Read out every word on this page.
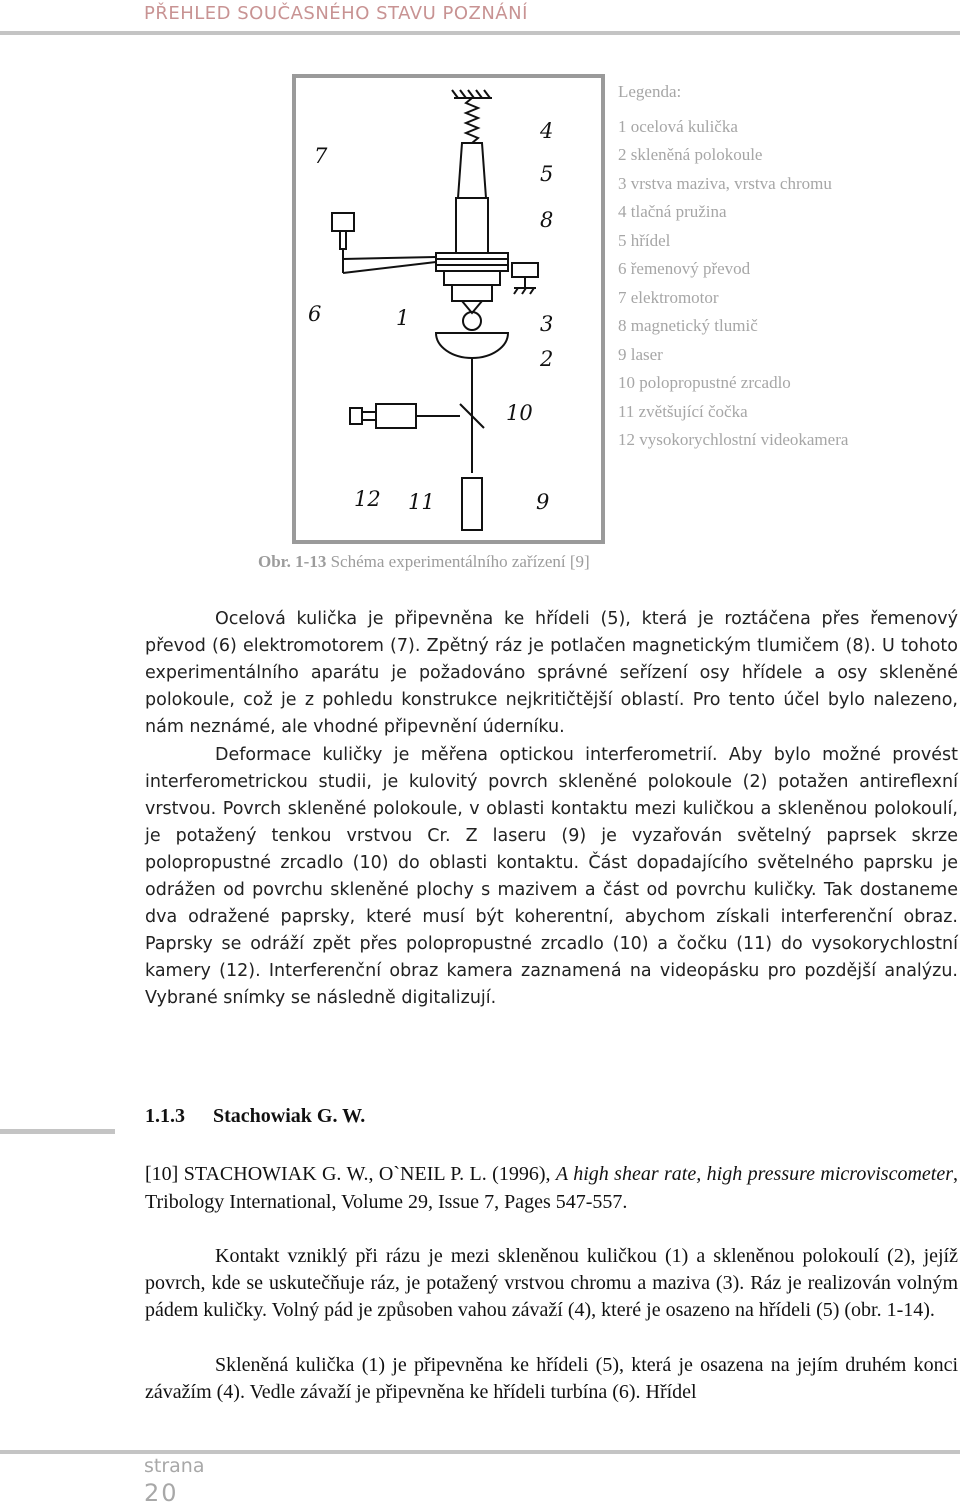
PŘEHLED SOUČASNÉHO STAVU POZNÁNÍ
7
4
5
8
6	1	3
2
10
12 11	9
Legenda:
1 ocelová kulička
2 skleněná polokoule
3 vrstva maziva, vrstva chromu
4 tlačná pružina
5 hřídel
6 řemenový převod
7 elektromotor
8 magnetický tlumič
9 laser
10 polopropustné zrcadlo
11 zvětšující čočka
12 vysokorychlostní videokamera
Obr. 1-13 Schéma experimentálního zařízení [9]
Ocelová kulička je připevněna ke hřídeli (5), která je roztáčena přes řemenový převod (6) elektromotorem (7). Zpětný ráz je potlačen magnetickým tlumičem (8). U tohoto experimentálního aparátu je požadováno správné seřízení osy hřídele a osy skleněné polokoule, což je z pohledu konstrukce nejkritičtější oblastí. Pro tento účel bylo nalezeno, nám neznámé, ale vhodné připevnění úderníku.
Deformace kuličky je měřena optickou interferometrií. Aby bylo možné provést interferometrickou studii, je kulovitý povrch skleněné polokoule (2) potažen antireflexní vrstvou. Povrch skleněné polokoule, v oblasti kontaktu mezi kuličkou a skleněnou polokoulí, je potažený tenkou vrstvou Cr. Z laseru (9) je vyzařován světelný paprsek skrze polopropustné zrcadlo (10) do oblasti kontaktu. Část dopadajícího světelného paprsku je odrážen od povrchu skleněné plochy s mazivem a část od povrchu kuličky. Tak dostaneme dva odražené paprsky, které musí být koherentní, abychom získali interferenční obraz. Paprsky se odráží zpět přes polopropustné zrcadlo (10) a čočku (11) do vysokorychlostní kamery (12). Interferenční obraz kamera zaznamená na videopásku pro pozdější analýzu. Vybrané snímky se následně digitalizují.
1.1.3 Stachowiak G. W.
[10] STACHOWIAK G. W., O`NEIL P. L. (1996), A high shear rate, high pressure microviscometer, Tribology International, Volume 29, Issue 7, Pages 547-557.
Kontakt vzniklý při rázu je mezi skleněnou kuličkou (1) a skleněnou polokoulí (2), jejíž povrch, kde se uskutečňuje ráz, je potažený vrstvou chromu a maziva (3). Ráz je realizován volným pádem kuličky. Volný pád je způsoben vahou závaží (4), které je osazeno na hřídeli (5) (obr. 1-14).
Skleněná kulička (1) je připevněna ke hřídeli (5), která je osazena na jejím druhém konci závažím (4). Vedle závaží je připevněna ke hřídeli turbína (6). Hřídel
strana
20
